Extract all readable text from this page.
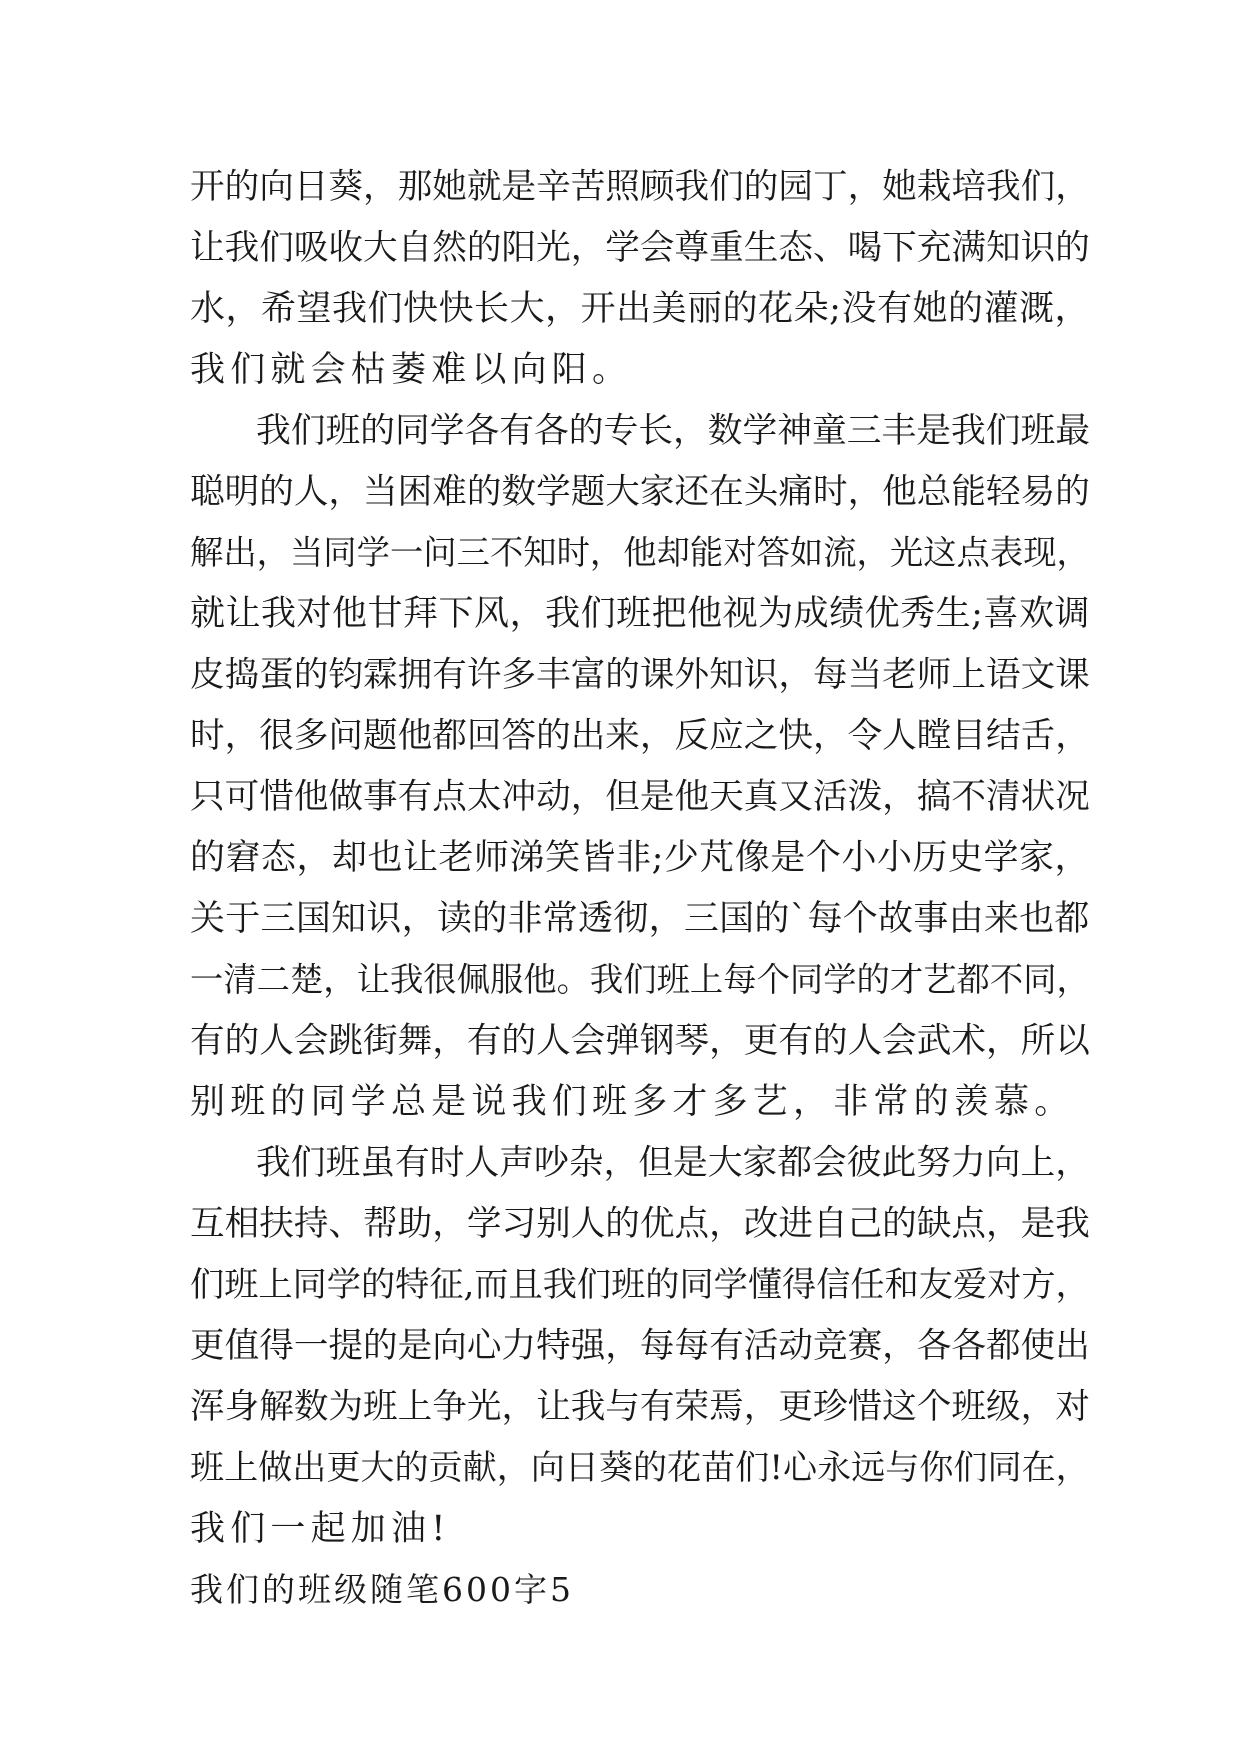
开的向日葵，那她就是辛苦照顾我们的园丁，她栽培我们，
让我们吸收大自然的阳光，学会尊重生态、喝下充满知识的
水，希望我们快快长大，开出美丽的花朵;没有她的灌溉，
我们就会枯萎难以向阳。
我们班的同学各有各的专长，数学神童三丰是我们班最
聪明的人，当困难的数学题大家还在头痛时，他总能轻易的
解出，当同学一问三不知时，他却能对答如流，光这点表现，
就让我对他甘拜下风，我们班把他视为成绩优秀生;喜欢调
皮捣蛋的钧霖拥有许多丰富的课外知识，每当老师上语文课
时，很多问题他都回答的出来，反应之快，令人瞠目结舌，
只可惜他做事有点太冲动，但是他天真又活泼，搞不清状况
的窘态，却也让老师涕笑皆非;少芃像是个小小历史学家，
关于三国知识，读的非常透彻，三国的`每个故事由来也都
一清二楚，让我很佩服他。我们班上每个同学的才艺都不同，
有的人会跳街舞，有的人会弹钢琴，更有的人会武术，所以
别班的同学总是说我们班多才多艺，非常的羡慕。
我们班虽有时人声吵杂，但是大家都会彼此努力向上，
互相扶持、帮助，学习别人的优点，改进自己的缺点，是我
们班上同学的特征,而且我们班的同学懂得信任和友爱对方，
更值得一提的是向心力特强，每每有活动竞赛，各各都使出
浑身解数为班上争光，让我与有荣焉，更珍惜这个班级，对
班上做出更大的贡献，向日葵的花苗们!心永远与你们同在，
我们一起加油!
我们的班级随笔600字5
